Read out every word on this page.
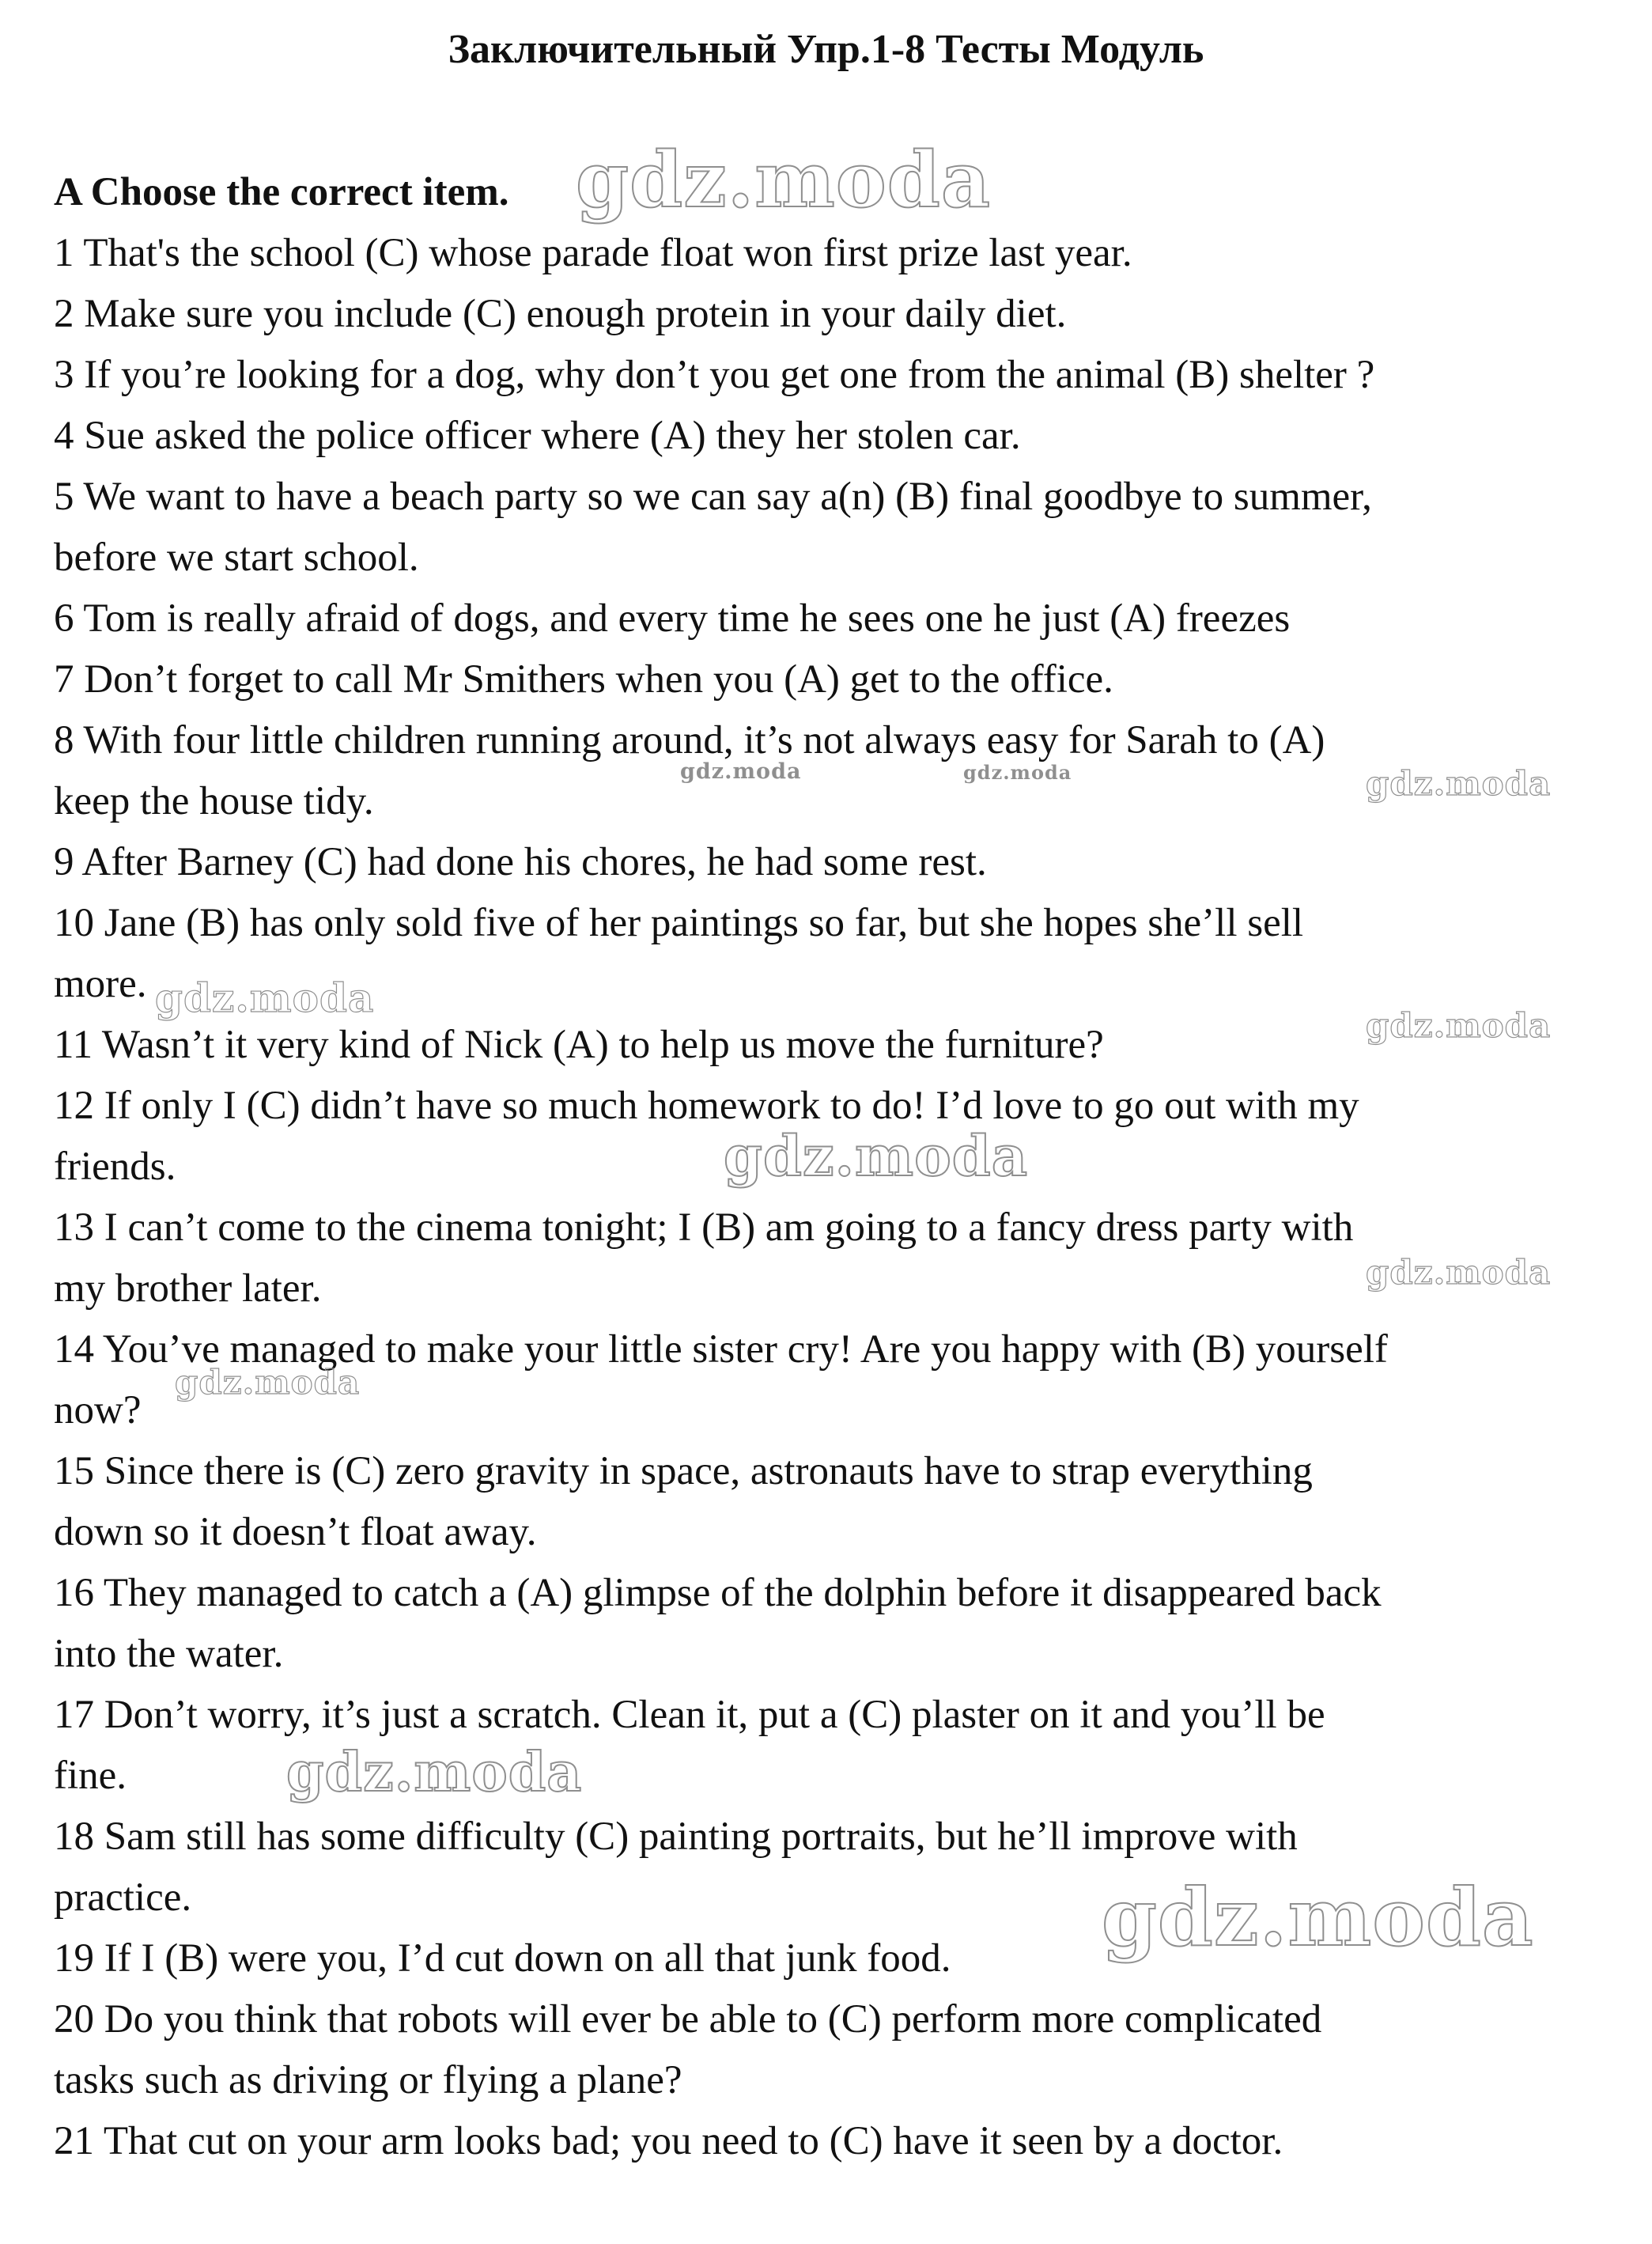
Заключительный Упр.1-8 Тесты Модуль
A Choose the correct item.
1 That's the school (C) whose parade float won first prize last year.
2 Make sure you include (C) enough protein in your daily diet.
3 If you’re looking for a dog, why don’t you get one from the animal (B) shelter ?
4 Sue asked the police officer where (A) they her stolen car.
5 We want to have a beach party so we can say a(n) (B) final goodbye to summer,
before we start school.
6 Tom is really afraid of dogs, and every time he sees one he just (A) freezes
7 Don’t forget to call Mr Smithers when you (A) get to the office.
8 With four little children running around, it’s not always easy for Sarah to (A)
keep the house tidy.
9 After Barney (C) had done his chores, he had some rest.
10 Jane (B) has only sold five of her paintings so far, but she hopes she’ll sell
more.
11 Wasn’t it very kind of Nick (A) to help us move the furniture?
12 If only I (C) didn’t have so much homework to do! I’d love to go out with my
friends.
13 I can’t come to the cinema tonight; I (B) am going to a fancy dress party with
my brother later.
14 You’ve managed to make your little sister cry! Are you happy with (B) yourself
now?
15 Since there is (C) zero gravity in space, astronauts have to strap everything
down so it doesn’t float away.
16 They managed to catch a (A) glimpse of the dolphin before it disappeared back
into the water.
17 Don’t worry, it’s just a scratch. Clean it, put a (C) plaster on it and you’ll be
fine.
18 Sam still has some difficulty (C) painting portraits, but he’ll improve with
practice.
19 If I (B) were you, I’d cut down on all that junk food.
20 Do you think that robots will ever be able to (C) perform more complicated
tasks such as driving or flying a plane?
21 That cut on your arm looks bad; you need to (C) have it seen by a doctor.
gdz.moda
gdz.moda	gdz.moda	gdz.moda
gdz.moda
gdz.moda
gdz.moda
gdz.moda
gdz.moda
gdz.moda
gdz.moda
